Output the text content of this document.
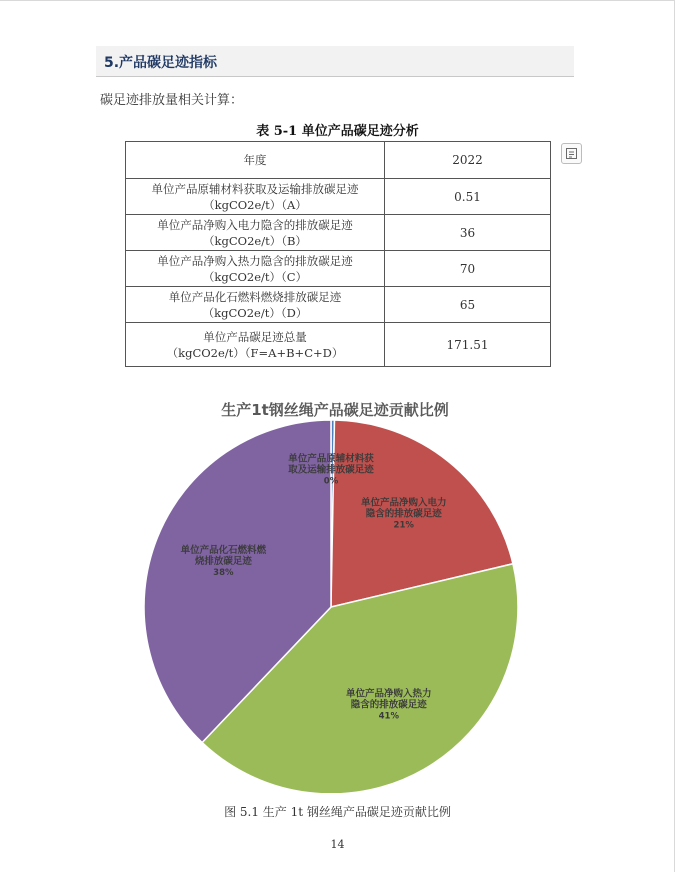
5.产品碳足迹指标
碳足迹排放量相关计算：
表 5-1 单位产品碳足迹分析
年度	2022

单位产品原辅材料获取及运输排放碳足迹
（kgCO2e/t）（A）	0.51

单位产品净购入电力隐含的排放碳足迹
（kgCO2e/t）（B）	36

单位产品净购入热力隐含的排放碳足迹
（kgCO2e/t）（C）	70

单位产品化石燃料燃烧排放碳足迹
（kgCO2e/t）（D）	65

单位产品碳足迹总量
（kgCO2e/t）（F=A+B+C+D）	171.51
生产1t钢丝绳产品碳足迹贡献比例
单位产品原辅材料获
取及运输排放碳足迹
0%
单位产品净购入电力
隐含的排放碳足迹
21%
单位产品净购入热力
隐含的排放碳足迹
41%
单位产品化石燃料燃
烧排放碳足迹
38%
图 5.1 生产 1t 钢丝绳产品碳足迹贡献比例
14
